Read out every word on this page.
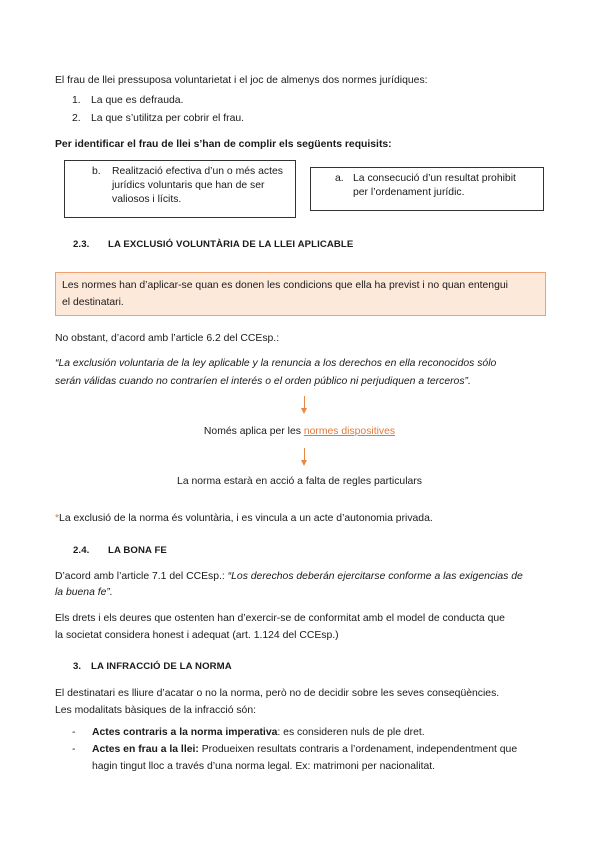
El frau de llei pressuposa voluntarietat i el joc de almenys dos normes jurídiques:
1. La que es defrauda.
2. La que s’utilitza per cobrir el frau.
Per identificar el frau de llei s’han de complir els següents requisits:
b. Realització efectiva d’un o més actes
jurídics voluntaris que han de ser
valiosos i lícits.
a. La consecució d’un resultat prohibit
per l’ordenament jurídic.
2.3. LA EXCLUSIÓ VOLUNTÀRIA DE LA LLEI APLICABLE
Les normes han d’aplicar-se quan es donen les condicions que ella ha previst i no quan entengui
el destinatari.
No obstant, d’acord amb l’article 6.2 del CCEsp.:
“La exclusión voluntaria de la ley aplicable y la renuncia a los derechos en ella reconocidos sólo
serán válidas cuando no contraríen el interés o el orden público ni perjudiquen a terceros”.
Només aplica per les normes dispositives
La norma estarà en acció a falta de regles particulars
*La exclusió de la norma és voluntària, i es vincula a un acte d’autonomia privada.
2.4. LA BONA FE
D’acord amb l’article 7.1 del CCEsp.: “Los derechos deberán ejercitarse conforme a las exigencias de
la buena fe”.
Els drets i els deures que ostenten han d’exercir-se de conformitat amb el model de conducta que
la societat considera honest i adequat (art. 1.124 del CCEsp.)
3. LA INFRACCIÓ DE LA NORMA
El destinatari es lliure d’acatar o no la norma, però no de decidir sobre les seves conseqüències.
Les modalitats bàsiques de la infracció són:
- Actes contraris a la norma imperativa: es consideren nuls de ple dret.
- Actes en frau a la llei: Produeixen resultats contraris a l’ordenament, independentment que
hagin tingut lloc a través d’una norma legal. Ex: matrimoni per nacionalitat.
